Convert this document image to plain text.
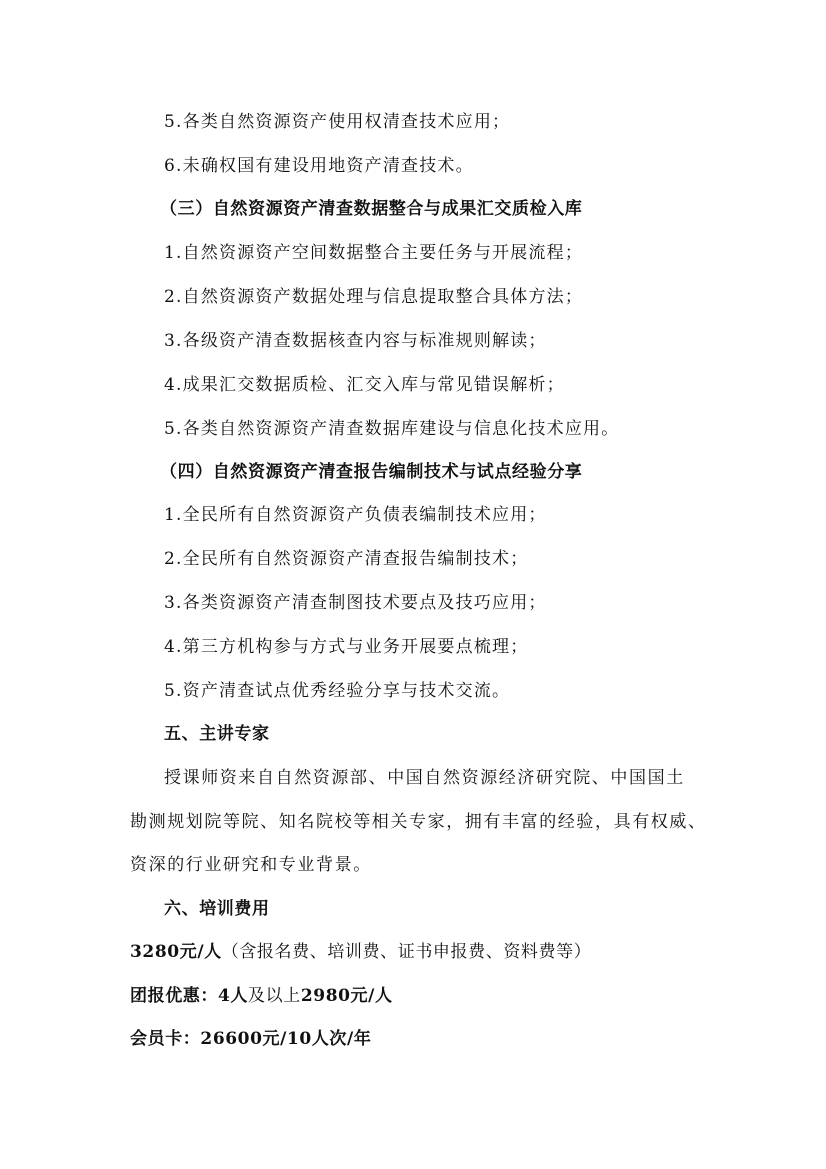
5.各类自然资源资产使用权清查技术应用；
6.未确权国有建设用地资产清查技术。
（三）自然资源资产清查数据整合与成果汇交质检入库
1.自然资源资产空间数据整合主要任务与开展流程；
2.自然资源资产数据处理与信息提取整合具体方法；
3.各级资产清查数据核查内容与标准规则解读；
4.成果汇交数据质检、汇交入库与常见错误解析；
5.各类自然资源资产清查数据库建设与信息化技术应用。
（四）自然资源资产清查报告编制技术与试点经验分享
1.全民所有自然资源资产负债表编制技术应用；
2.全民所有自然资源资产清查报告编制技术；
3.各类资源资产清查制图技术要点及技巧应用；
4.第三方机构参与方式与业务开展要点梳理；
5.资产清查试点优秀经验分享与技术交流。
五、主讲专家
授课师资来自自然资源部、中国自然资源经济研究院、中国国土
勘测规划院等院、知名院校等相关专家，拥有丰富的经验，具有权威、
资深的行业研究和专业背景。
六、培训费用
3280元/人（含报名费、培训费、证书申报费、资料费等）
团报优惠：4人及以上2980元/人
会员卡：26600元/10人次/年
